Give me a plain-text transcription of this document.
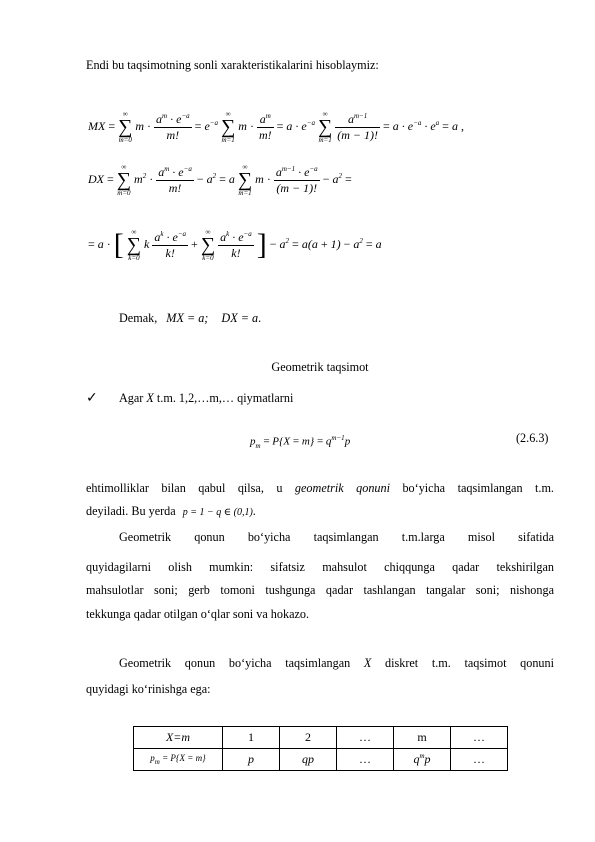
Endi bu taqsimotning sonli xarakteristikalarini hisoblaymiz:
MX =
∞
∑
m=0
$m \cdot \frac{a^m \cdot e^{-a}}{m!} = e^{-a}$
∞
∑
m=1
$m \cdot \frac{a^m}{m!} = a \cdot e^{-a}$
∞
∑
m=1
$\frac{a^{m-1}}{(m - 1)!} = a \cdot e^{-a} \cdot e^a = a$ ,
DX =
∞
∑
m=0
$m^2 \cdot \frac{a^m \cdot e^{-a}}{m!} - a^2 = a$
∞
∑
m=1
$m \cdot \frac{a^{m-1} \cdot e^{-a}}{(m - 1)!} - a^2$ =
= a · [	∞
∑
k=0
k $\frac{a^k \cdot e^{-a}}{k!}$ +
∞
∑
k=0
$\frac{a^k \cdot e^{-a}}{k!}$ ] − $a^2 = a(a + 1) - a^2 = a$
Demak, MX = a; DX = a.
Geometrik taqsimot
✓ Agar X t.m. 1,2,…m,… qiymatlarni
$p_m = P\{X = m\} = q^{m-1}p$	(2.6.3)
ehtimolliklar bilan qabul qilsa, u geometrik qonuni bo‘yicha taqsimlangan t.m.
deyiladi. Bu yerda p = 1 − q ∈ (0,1).
Geometrik qonun bo‘yicha taqsimlangan t.m.larga misol sifatida
quyidagilarni olish mumkin: sifatsiz mahsulot chiqqunga qadar tekshirilgan
mahsulotlar soni; gerb tomoni tushgunga qadar tashlangan tangalar soni; nishonga
tekkunga qadar otilgan o‘qlar soni va hokazo.
Geometrik qonun bo‘yicha taqsimlangan X diskret t.m. taqsimot qonuni
quyidagi ko‘rinishga ega:
X=m	1	2	…	m	…
$p_m = P\{X = m\}$	p	qp	…	$q^mp$	…
